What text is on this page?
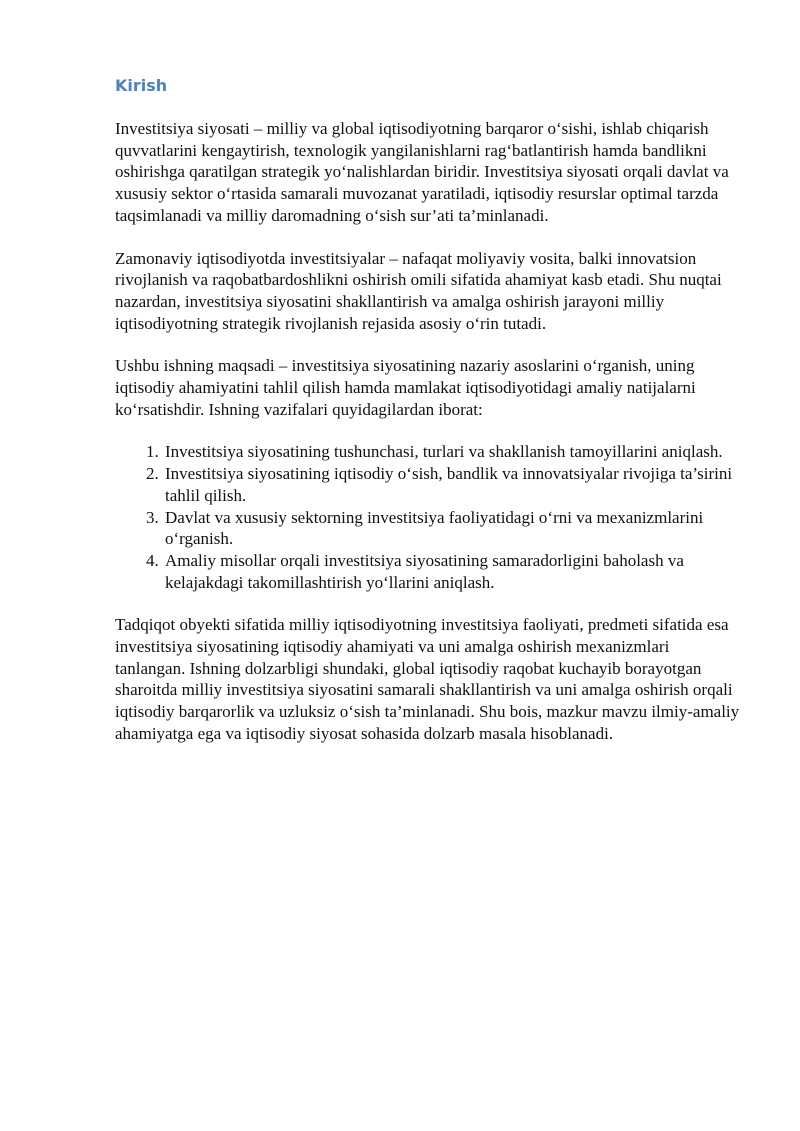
Kirish

Investitsiya siyosati – milliy va global iqtisodiyotning barqaror o‘sishi, ishlab chiqarish quvvatlarini kengaytirish, texnologik yangilanishlarni rag‘batlantirish hamda bandlikni oshirishga qaratilgan strategik yo‘nalishlardan biridir. Investitsiya siyosati orqali davlat va xususiy sektor o‘rtasida samarali muvozanat yaratiladi, iqtisodiy resurslar optimal tarzda taqsimlanadi va milliy daromadning o‘sish sur’ati ta’minlanadi.

Zamonaviy iqtisodiyotda investitsiyalar – nafaqat moliyaviy vosita, balki innovatsion rivojlanish va raqobatbardoshlikni oshirish omili sifatida ahamiyat kasb etadi. Shu nuqtai nazardan, investitsiya siyosatini shakllantirish va amalga oshirish jarayoni milliy iqtisodiyotning strategik rivojlanish rejasida asosiy o‘rin tutadi.

Ushbu ishning maqsadi – investitsiya siyosatining nazariy asoslarini o‘rganish, uning iqtisodiy ahamiyatini tahlil qilish hamda mamlakat iqtisodiyotidagi amaliy natijalarni ko‘rsatishdir. Ishning vazifalari quyidagilardan iborat:

1. Investitsiya siyosatining tushunchasi, turlari va shakllanish tamoyillarini aniqlash.
2. Investitsiya siyosatining iqtisodiy o‘sish, bandlik va innovatsiyalar rivojiga ta’sirini tahlil qilish.
3. Davlat va xususiy sektorning investitsiya faoliyatidagi o‘rni va mexanizmlarini o‘rganish.
4. Amaliy misollar orqali investitsiya siyosatining samaradorligini baholash va kelajakdagi takomillashtirish yo‘llarini aniqlash.

Tadqiqot obyekti sifatida milliy iqtisodiyotning investitsiya faoliyati, predmeti sifatida esa investitsiya siyosatining iqtisodiy ahamiyati va uni amalga oshirish mexanizmlari tanlangan. Ishning dolzarbligi shundaki, global iqtisodiy raqobat kuchayib borayotgan sharoitda milliy investitsiya siyosatini samarali shakllantirish va uni amalga oshirish orqali iqtisodiy barqarorlik va uzluksiz o‘sish ta’minlanadi. Shu bois, mazkur mavzu ilmiy-amaliy ahamiyatga ega va iqtisodiy siyosat sohasida dolzarb masala hisoblanadi.
